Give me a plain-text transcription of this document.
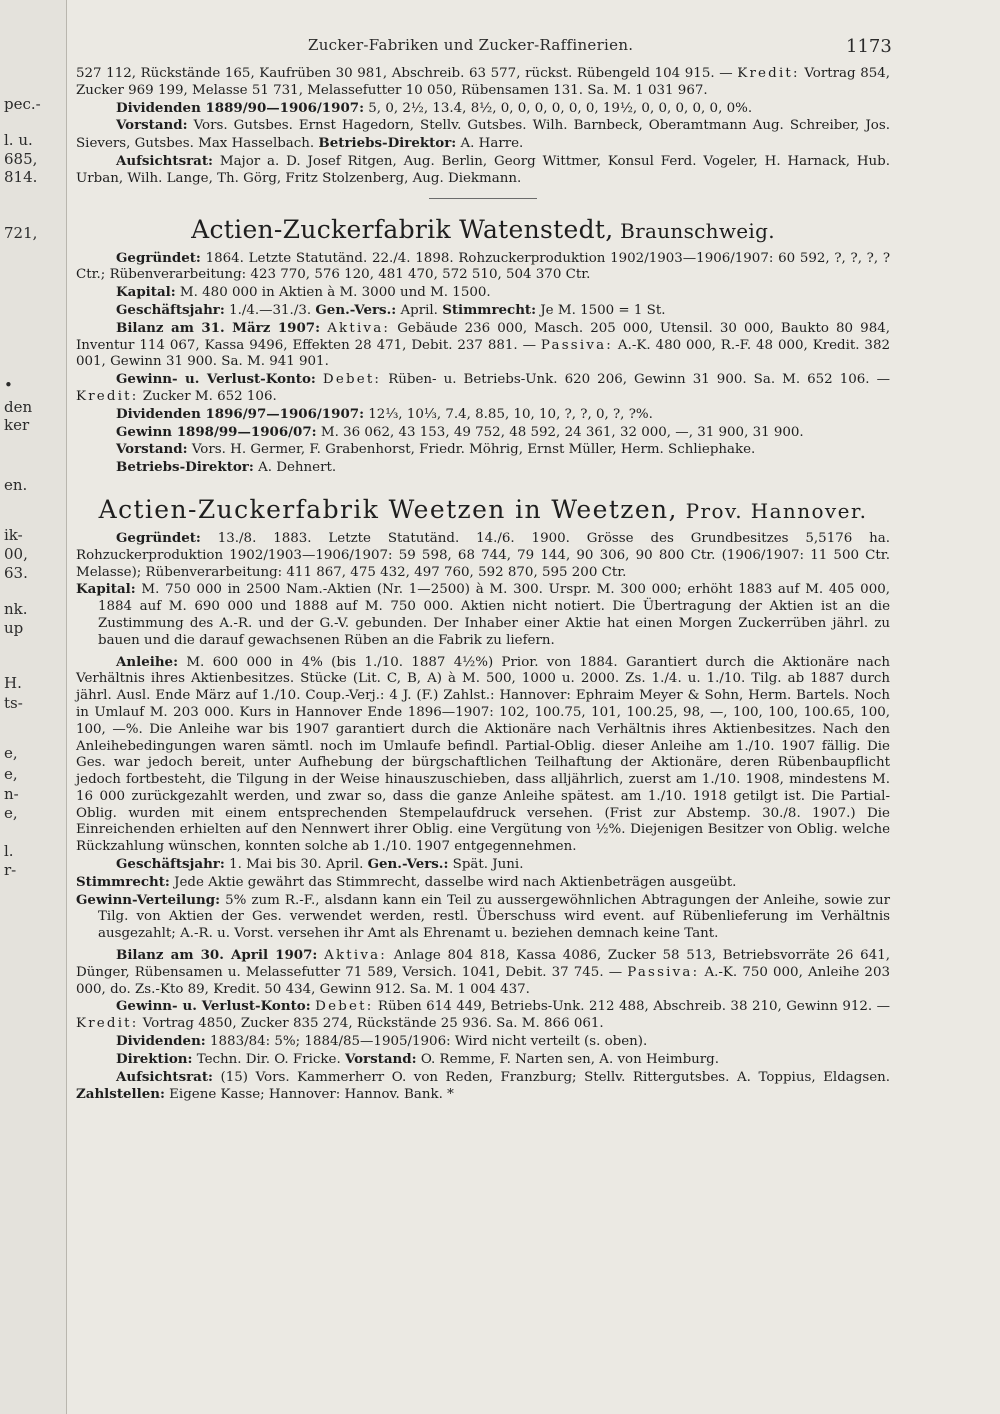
pec.-
l. u.
685,
814.
721,
•
den
ker
en.
ik-
00,
63.
nk.
up
H.
ts-
e,
e,
n-
e,
l.
r-
Zucker-Fabriken und Zucker-Raffinerien.	1173

527 112, Rückstände 165, Kaufrüben 30 981, Abschreib. 63 577, rückst. Rübengeld 104 915. — Kredit: Vortrag 854, Zucker 969 199, Melasse 51 731, Melassefutter 10 050, Rübensamen 131. Sa. M. 1 031 967.

Dividenden 1889/90—1906/1907: 5, 0, 2½, 13.4, 8½, 0, 0, 0, 0, 0, 0, 19½, 0, 0, 0, 0, 0, 0%.

Vorstand: Vors. Gutsbes. Ernst Hagedorn, Stellv. Gutsbes. Wilh. Barnbeck, Oberamtmann Aug. Schreiber, Jos. Sievers, Gutsbes. Max Hasselbach. Betriebs-Direktor: A. Harre.

Aufsichtsrat: Major a. D. Josef Ritgen, Aug. Berlin, Georg Wittmer, Konsul Ferd. Vogeler, H. Harnack, Hub. Urban, Wilh. Lange, Th. Görg, Fritz Stolzenberg, Aug. Diekmann.

Actien-Zuckerfabrik Watenstedt, Braunschweig.

Gegründet: 1864. Letzte Statutänd. 22./4. 1898. Rohzuckerproduktion 1902/1903—1906/1907: 60 592, ?, ?, ?, ? Ctr.; Rübenverarbeitung: 423 770, 576 120, 481 470, 572 510, 504 370 Ctr.

Kapital: M. 480 000 in Aktien à M. 3000 und M. 1500.

Geschäftsjahr: 1./4.—31./3. Gen.-Vers.: April. Stimmrecht: Je M. 1500 = 1 St.

Bilanz am 31. März 1907: Aktiva: Gebäude 236 000, Masch. 205 000, Utensil. 30 000, Baukto 80 984, Inventur 114 067, Kassa 9496, Effekten 28 471, Debit. 237 881. — Passiva: A.-K. 480 000, R.-F. 48 000, Kredit. 382 001, Gewinn 31 900. Sa. M. 941 901.

Gewinn- u. Verlust-Konto: Debet: Rüben- u. Betriebs-Unk. 620 206, Gewinn 31 900. Sa. M. 652 106. — Kredit: Zucker M. 652 106.

Dividenden 1896/97—1906/1907: 12⅓, 10⅓, 7.4, 8.85, 10, 10, ?, ?, 0, ?, ?%.

Gewinn 1898/99—1906/07: M. 36 062, 43 153, 49 752, 48 592, 24 361, 32 000, —, 31 900, 31 900.

Vorstand: Vors. H. Germer, F. Grabenhorst, Friedr. Möhrig, Ernst Müller, Herm. Schliephake.

Betriebs-Direktor: A. Dehnert.

Actien-Zuckerfabrik Weetzen in Weetzen, Prov. Hannover.

Gegründet: 13./8. 1883. Letzte Statutänd. 14./6. 1900. Grösse des Grundbesitzes 5,5176 ha. Rohzuckerproduktion 1902/1903—1906/1907: 59 598, 68 744, 79 144, 90 306, 90 800 Ctr. (1906/1907: 11 500 Ctr. Melasse); Rübenverarbeitung: 411 867, 475 432, 497 760, 592 870, 595 200 Ctr.

Kapital: M. 750 000 in 2500 Nam.-Aktien (Nr. 1—2500) à M. 300. Urspr. M. 300 000; erhöht 1883 auf M. 405 000, 1884 auf M. 690 000 und 1888 auf M. 750 000. Aktien nicht notiert. Die Übertragung der Aktien ist an die Zustimmung des A.-R. und der G.-V. gebunden. Der Inhaber einer Aktie hat einen Morgen Zuckerrüben jährl. zu bauen und die darauf gewachsenen Rüben an die Fabrik zu liefern.

Anleihe: M. 600 000 in 4% (bis 1./10. 1887 4½%) Prior. von 1884. Garantiert durch die Aktionäre nach Verhältnis ihres Aktienbesitzes. Stücke (Lit. C, B, A) à M. 500, 1000 u. 2000. Zs. 1./4. u. 1./10. Tilg. ab 1887 durch jährl. Ausl. Ende März auf 1./10. Coup.-Verj.: 4 J. (F.) Zahlst.: Hannover: Ephraim Meyer & Sohn, Herm. Bartels. Noch in Umlauf M. 203 000. Kurs in Hannover Ende 1896—1907: 102, 100.75, 101, 100.25, 98, —, 100, 100, 100.65, 100, 100, —%. Die Anleihe war bis 1907 garantiert durch die Aktionäre nach Verhältnis ihres Aktienbesitzes. Nach den Anleihebedingungen waren sämtl. noch im Umlaufe befindl. Partial-Oblig. dieser Anleihe am 1./10. 1907 fällig. Die Ges. war jedoch bereit, unter Aufhebung der bürgschaftlichen Teilhaftung der Aktionäre, deren Rübenbaupflicht jedoch fortbesteht, die Tilgung in der Weise hinauszuschieben, dass alljährlich, zuerst am 1./10. 1908, mindestens M. 16 000 zurückgezahlt werden, und zwar so, dass die ganze Anleihe spätest. am 1./10. 1918 getilgt ist. Die Partial-Oblig. wurden mit einem entsprechenden Stempelaufdruck versehen. (Frist zur Abstemp. 30./8. 1907.) Die Einreichenden erhielten auf den Nennwert ihrer Oblig. eine Vergütung von ½%. Diejenigen Besitzer von Oblig. welche Rückzahlung wünschen, konnten solche ab 1./10. 1907 entgegennehmen.

Geschäftsjahr: 1. Mai bis 30. April. Gen.-Vers.: Spät. Juni.

Stimmrecht: Jede Aktie gewährt das Stimmrecht, dasselbe wird nach Aktienbeträgen ausgeübt.

Gewinn-Verteilung: 5% zum R.-F., alsdann kann ein Teil zu aussergewöhnlichen Abtragungen der Anleihe, sowie zur Tilg. von Aktien der Ges. verwendet werden, restl. Überschuss wird event. auf Rübenlieferung im Verhältnis ausgezahlt; A.-R. u. Vorst. versehen ihr Amt als Ehrenamt u. beziehen demnach keine Tant.

Bilanz am 30. April 1907: Aktiva: Anlage 804 818, Kassa 4086, Zucker 58 513, Betriebsvorräte 26 641, Dünger, Rübensamen u. Melassefutter 71 589, Versich. 1041, Debit. 37 745. — Passiva: A.-K. 750 000, Anleihe 203 000, do. Zs.-Kto 89, Kredit. 50 434, Gewinn 912. Sa. M. 1 004 437.

Gewinn- u. Verlust-Konto: Debet: Rüben 614 449, Betriebs-Unk. 212 488, Abschreib. 38 210, Gewinn 912. — Kredit: Vortrag 4850, Zucker 835 274, Rückstände 25 936. Sa. M. 866 061.

Dividenden: 1883/84: 5%; 1884/85—1905/1906: Wird nicht verteilt (s. oben).

Direktion: Techn. Dir. O. Fricke. Vorstand: O. Remme, F. Narten sen, A. von Heimburg.

Aufsichtsrat: (15) Vors. Kammerherr O. von Reden, Franzburg; Stellv. Rittergutsbes. A. Toppius, Eldagsen. Zahlstellen: Eigene Kasse; Hannover: Hannov. Bank. *
